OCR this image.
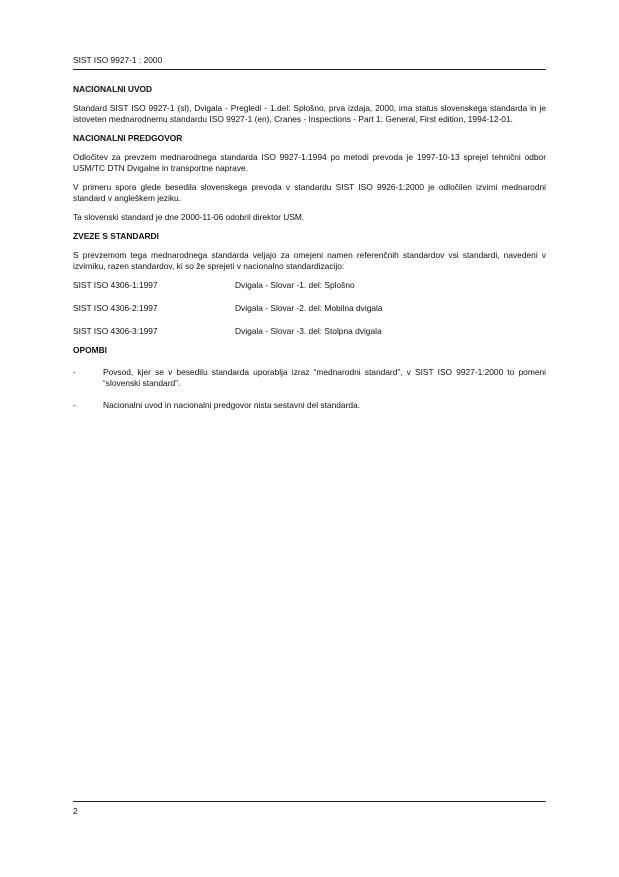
SIST ISO 9927-1 : 2000
NACIONALNI UVOD

Standard SIST ISO 9927-1 (sl), Dvigala - Pregledi - 1.del: Splošno, prva izdaja, 2000, ima status slovenskega standarda in je istoveten mednarodnemu standardu ISO 9927-1 (en), Cranes - Inspections - Part 1: General, First edition, 1994-12-01.

NACIONALNI PREDGOVOR

Odločitev za prevzem mednarodnega standarda ISO 9927-1:1994 po metodi prevoda je 1997-10-13 sprejel tehnični odbor USM/TC DTN Dvigalne in transportne naprave.

V primeru spora glede besedila slovenskega prevoda v standardu SIST ISO 9926-1:2000 je odločilen izvirni mednarodni standard v angleškem jeziku.

Ta slovenski standard je dne 2000-11-06 odobril direktor USM.

ZVEZE S STANDARDI

S prevzemom tega mednarodnega standarda veljajo za omejeni namen referenčnih standardov vsi standardi, navedeni v izvirniku, razen standardov, ki so že sprejeti v nacionalno standardizacijo:

SIST ISO 4306-1:1997	Dvigala - Slovar -1. del: Splošno
SIST ISO 4306-2:1997	Dvigala - Slovar -2. del: Mobilna dvigala
SIST ISO 4306-3:1997	Dvigala - Slovar -3. del: Stolpna dvigala
OPOMBI
-	Povsod, kjer se v besedilu standarda uporablja izraz “mednarodni standard”, v SIST ISO 9927-1:2000 to pomeni “slovenski standard”.
-	Nacionalni uvod in nacionalni predgovor nista sestavni del standarda.
2
